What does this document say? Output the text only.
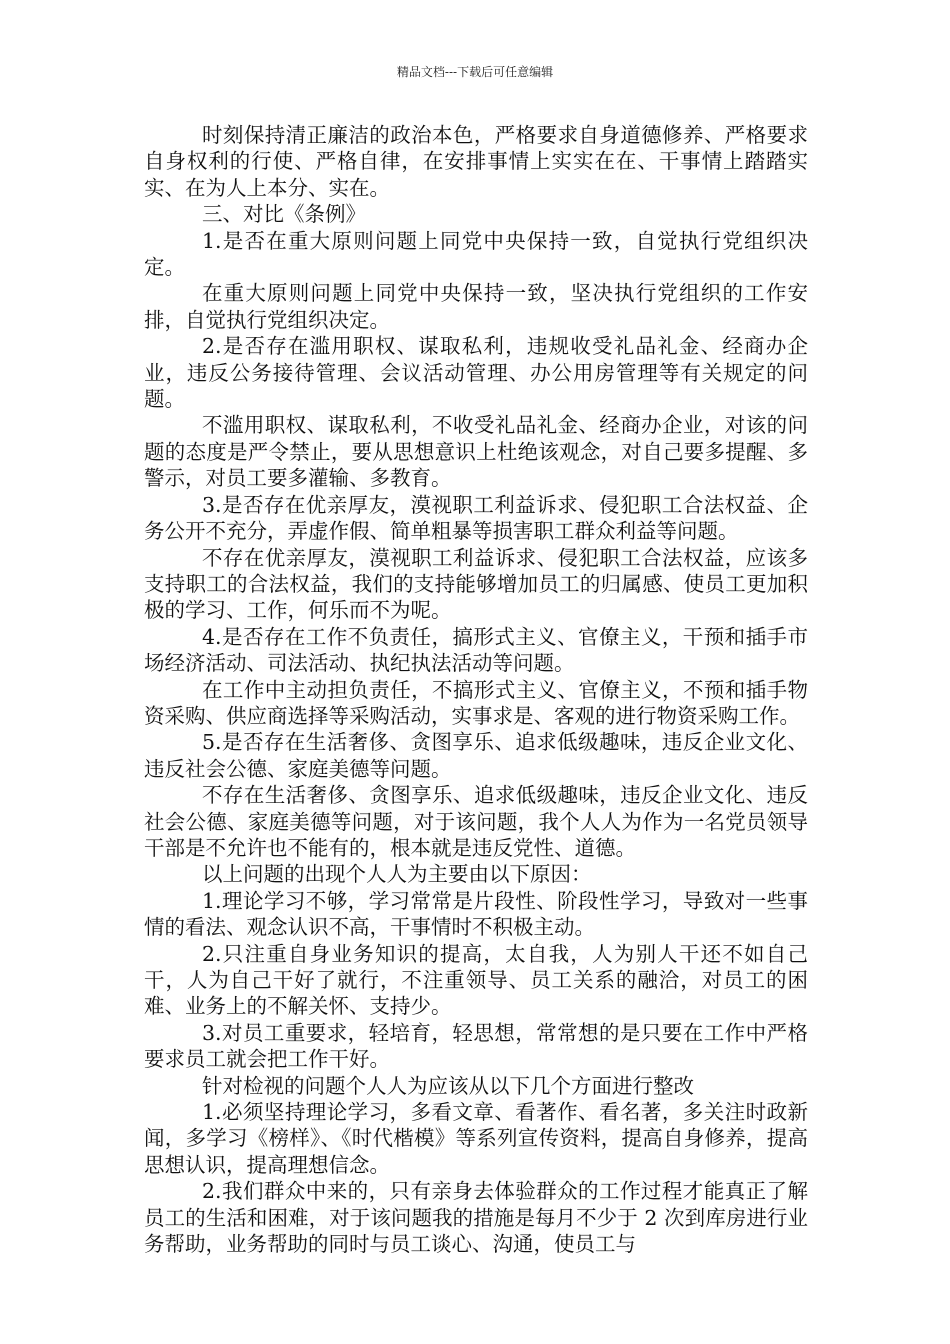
精品文档---下载后可任意编辑

时刻保持清正廉洁的政治本色，严格要求自身道德修养、严格要求自身权利的行使、严格自律，在安排事情上实实在在、干事情上踏踏实实、在为人上本分、实在。

三、对比《条例》

1.是否在重大原则问题上同党中央保持一致，自觉执行党组织决定。

在重大原则问题上同党中央保持一致，坚决执行党组织的工作安排，自觉执行党组织决定。

2.是否存在滥用职权、谋取私利，违规收受礼品礼金、经商办企业，违反公务接待管理、会议活动管理、办公用房管理等有关规定的问题。

不滥用职权、谋取私利，不收受礼品礼金、经商办企业，对该的问题的态度是严令禁止，要从思想意识上杜绝该观念，对自己要多提醒、多警示，对员工要多灌输、多教育。

3.是否存在优亲厚友，漠视职工利益诉求、侵犯职工合法权益、企务公开不充分，弄虚作假、简单粗暴等损害职工群众利益等问题。

不存在优亲厚友，漠视职工利益诉求、侵犯职工合法权益，应该多支持职工的合法权益，我们的支持能够增加员工的归属感、使员工更加积极的学习、工作，何乐而不为呢。

4.是否存在工作不负责任，搞形式主义、官僚主义，干预和插手市场经济活动、司法活动、执纪执法活动等问题。

在工作中主动担负责任，不搞形式主义、官僚主义，不预和插手物资采购、供应商选择等采购活动，实事求是、客观的进行物资采购工作。

5.是否存在生活奢侈、贪图享乐、追求低级趣味，违反企业文化、违反社会公德、家庭美德等问题。

不存在生活奢侈、贪图享乐、追求低级趣味，违反企业文化、违反社会公德、家庭美德等问题，对于该问题，我个人人为作为一名党员领导干部是不允许也不能有的，根本就是违反党性、道德。

以上问题的出现个人人为主要由以下原因：

1.理论学习不够，学习常常是片段性、阶段性学习，导致对一些事情的看法、观念认识不高，干事情时不积极主动。

2.只注重自身业务知识的提高，太自我，人为别人干还不如自己干，人为自己干好了就行，不注重领导、员工关系的融洽，对员工的困难、业务上的不解关怀、支持少。

3.对员工重要求，轻培育，轻思想，常常想的是只要在工作中严格要求员工就会把工作干好。

针对检视的问题个人人为应该从以下几个方面进行整改

1.必须坚持理论学习，多看文章、看著作、看名著，多关注时政新闻，多学习《榜样》、《时代楷模》等系列宣传资料，提高自身修养，提高思想认识，提高理想信念。

2.我们群众中来的，只有亲身去体验群众的工作过程才能真正了解员工的生活和困难，对于该问题我的措施是每月不少于 2 次到库房进行业务帮助，业务帮助的同时与员工谈心、沟通，使员工与
